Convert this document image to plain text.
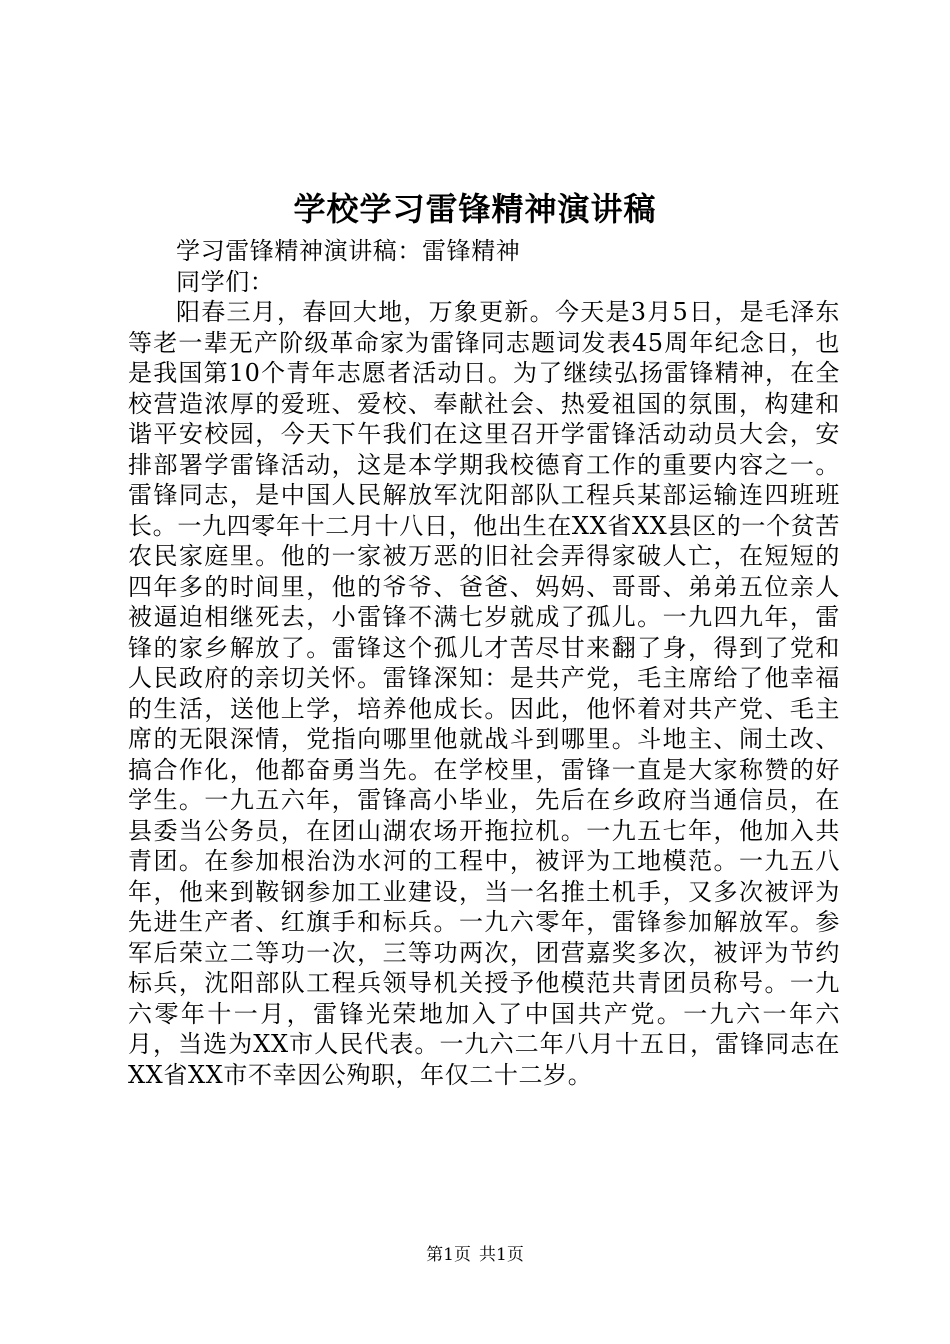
学校学习雷锋精神演讲稿

学习雷锋精神演讲稿：雷锋精神

同学们：

阳春三月，春回大地，万象更新。今天是3月5日，是毛泽东等老一辈无产阶级革命家为雷锋同志题词发表45周年纪念日，也是我国第10个青年志愿者活动日。为了继续弘扬雷锋精神，在全校营造浓厚的爱班、爱校、奉献社会、热爱祖国的氛围，构建和谐平安校园，今天下午我们在这里召开学雷锋活动动员大会，安排部署学雷锋活动，这是本学期我校德育工作的重要内容之一。雷锋同志，是中国人民解放军沈阳部队工程兵某部运输连四班班长。一九四零年十二月十八日，他出生在XX省XX县区的一个贫苦农民家庭里。他的一家被万恶的旧社会弄得家破人亡，在短短的四年多的时间里，他的爷爷、爸爸、妈妈、哥哥、弟弟五位亲人被逼迫相继死去，小雷锋不满七岁就成了孤儿。一九四九年，雷锋的家乡解放了。雷锋这个孤儿才苦尽甘来翻了身，得到了党和人民政府的亲切关怀。雷锋深知：是共产党，毛主席给了他幸福的生活，送他上学，培养他成长。因此，他怀着对共产党、毛主席的无限深情，党指向哪里他就战斗到哪里。斗地主、闹土改、搞合作化，他都奋勇当先。在学校里，雷锋一直是大家称赞的好学生。一九五六年，雷锋高小毕业，先后在乡政府当通信员，在县委当公务员，在团山湖农场开拖拉机。一九五七年，他加入共青团。在参加根治沩水河的工程中，被评为工地模范。一九五八年，他来到鞍钢参加工业建设，当一名推土机手，又多次被评为先进生产者、红旗手和标兵。一九六零年，雷锋参加解放军。参军后荣立二等功一次，三等功两次，团营嘉奖多次，被评为节约标兵，沈阳部队工程兵领导机关授予他模范共青团员称号。一九六零年十一月，雷锋光荣地加入了中国共产党。一九六一年六月，当选为XX市人民代表。一九六二年八月十五日，雷锋同志在XX省XX市不幸因公殉职，年仅二十二岁。

第1页 共1页
